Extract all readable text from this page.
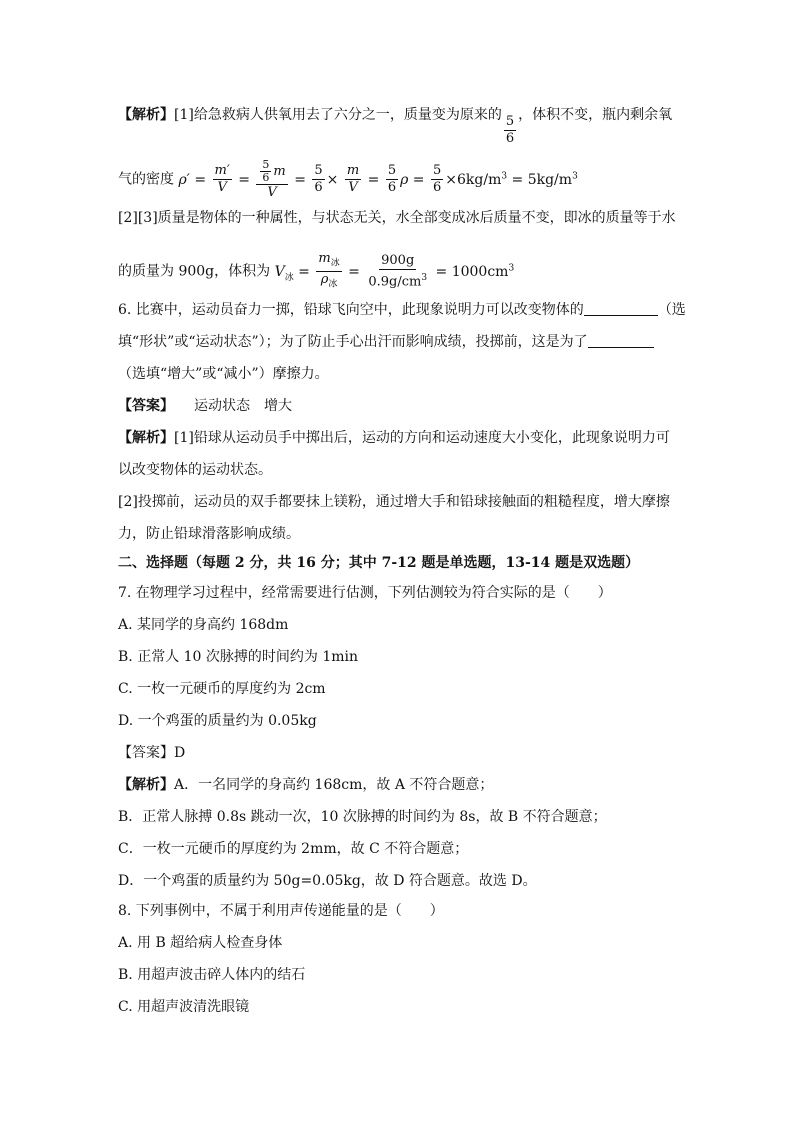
【解析】[1]给急救病人供氧用去了六分之一，质量变为原来的 $\frac{5}{6}$ ，体积不变，瓶内剩余氧
气的密度 $\rho' = \frac{m'}{V} = \frac{\frac{5}{6} m}{V} = \frac{5}{6} \times \frac{m}{V} = \frac{5}{6}$ $\rho = \frac{5}{6} \times 6kg/m^3 = 5kg/m^3$
[2][3]质量是物体的一种属性，与状态无关，水全部变成冰后质量不变，即冰的质量等于水
的质量为 900g，体积为 $V_冰 = \frac{m_冰}{\rho_冰} = \frac{900g}{0.9g/cm^3} = 1000cm^3$
6. 比赛中，运动员奋力一掷，铅球飞向空中，此现象说明力可以改变物体的	（选
填“形状”或“运动状态”）；为了防止手心出汗而影响成绩，投掷前，这是为了
（选填“增大”或“减小”）摩擦力。
【答案】 运动状态　增大
【解析】[1]铅球从运动员手中掷出后，运动的方向和运动速度大小变化，此现象说明力可
以改变物体的运动状态。
[2]投掷前，运动员的双手都要抹上镁粉，通过增大手和铅球接触面的粗糙程度，增大摩擦
力，防止铅球滑落影响成绩。
二、选择题（每题 2 分，共 16 分；其中 7-12 题是单选题，13-14 题是双选题）
7. 在物理学习过程中，经常需要进行估测，下列估测较为符合实际的是（　　）
A. 某同学的身高约 168dm
B. 正常人 10 次脉搏的时间约为 1min
C. 一枚一元硬币的厚度约为 2cm
D. 一个鸡蛋的质量约为 0.05kg
【答案】D
【解析】A．一名同学的身高约 168cm，故 A 不符合题意；
B．正常人脉搏 0.8s 跳动一次，10 次脉搏的时间约为 8s，故 B 不符合题意；
C．一枚一元硬币的厚度约为 2mm，故 C 不符合题意；
D．一个鸡蛋的质量约为 50g=0.05kg，故 D 符合题意。故选 D。
8. 下列事例中，不属于利用声传递能量的是（　　）
A. 用 B 超给病人检查身体
B. 用超声波击碎人体内的结石
C. 用超声波清洗眼镜
